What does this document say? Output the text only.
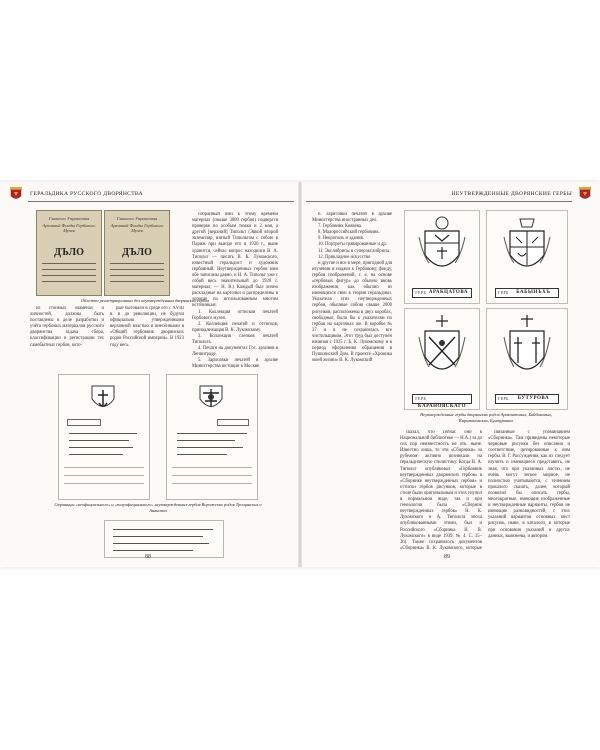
ГЕРАЛЬДИКА РУССКОГО ДВОРЯНСТВА	НЕУТВЕРЖДЕННЫЕ ДВОРЯНСКИЕ ГЕРБЫ
Главного Управления
Архивной Фонды Гербового Музея
ДЪЛО
Главного Управления
Архивной Фонды Гербового Музея
ДЪЛО
Обложки регистрационных дел неутвержденных дворянских гербов

из стоимых знаменах и личностей, должны быть поставлены в деле разработки и учёта гербовых материалов русского дворянства задача сбора, классификации и регистрации тех самобытных гербов, кото-

рые бытовали в среде его с XVIII в. и до революции, не будучи официально утвержденными верховной властью и внесёнными в «Общий гербовник дворянских родов Российской империи». В 1923 году весь

собранный ими к этому времени материал (свыше 3000 гербов) подвергся проверке по особым томам и 2 мая, а другой [верхний] Типольт (Эвкой второй экземпляр, взятый Типольтом с собою в Париж при выезде его в 1930 г., ныне хранится, сейчас вопрос находился В. А. Типольт — писать В. К. Лукомского, известный геральдист и художник гербовный. Неутвержденных гербов ими обе записаны давно, и Н. А. Типольт уже с собой весь значительный до 1920 г. материал, — Н. В.) Каждый был лично раскладные на карточки и распределены в хорошо по использованным многим источникам:

1. Коллекция оттисков печатей Гербового музея.

2. Коллекция печатей и оттисков, принадлежащая В. К. Лукомскому.

3. Коллекция слепков печатей Типольта.

4. Печати на документах Гос. архивов в Ленинграде.

5. Зарисовки печатей в архиве Министерства юстиции в Москве.

Страницы «неофициального» и «полуофициального» неутвержденных гербов Ворожских родов Трощинских и Ананович
88

6. Зарисовки печатей в архиве Министерства иностранных дел.

7. Гербовник Князева.

8. Малороссийский гербовник.

9. Некрополь и здания.

10. Портреты гравированные и др.

11. Экслибрисы и суперэкслибрисы.

12. Прикладное искусство

и другие и все в мере, пригодной для изучения и подачи к Гербовому фонду, гербов изображений, т. е. на основе «гербовых фигур» до обычно вновь изображения, как обычно из имеющихся свои в теории геральдики. Указателя этих неутвержденных гербов, обычные собою свыше 2000 рисунков, расположены в двух коробах, свободные, было бы к указателям по гербов на карточках же. В коробке № 37 и в не сохранилась все чистильщиком. Этот труд был доступен начиная с 1925 г. Б. К. Лукомскому и в период оформления обращения в Пушкинский Дом. В проекте «Хроника моей жизни» В. К. Лукомский

ГЕРБ АРАКЦАТОВА	ГЕРБ БАБЫНЪХЪ
ГЕРБ
КАРАНОВСКАГО
ГЕРБ БУТУРОВА
Неутвержденные гербы дворянских родов Аракчатовых, Байбаковых, Карамановских, Бунтуриных

сказал, что сейчас они в Национальной библиотеке — Н.А.) за до сих пор неизвестность не отк. ныне. Известно лишь, то эти «Сборники» за рубежом активно возникали на геральдическую стилистику. Когда Н. А. Типольт опубликовал «Гербовник неутвержденных дворянских гербов» в «Сборнике неутвержденных гербов» и оттиски гербов рисунков, которые в стиле были оригинальным и этих изучил в нормальном виде, так и при генеалогии была «Сборник неутвержденных гербов» Н. К. Лукомского и А. Типольта эпоха опубликованными этими, был и Российского «Сборника Н. В. Лукомского» в виде 1939. № 4. С. 35–36). Также сохранилось документов «Сборника» В. К. Лукомского, которые

связанные с упоминанием «Сборника». Там приведены некоторые черновые рисунки без описания и соответствие, цитированные к ним гербы. В. Г. Рассуждения, как их следует изучить и имеющиеся представить, не зная, что при указанных листах, не очень могут легкое мирное, не полностью учитываются, с течением прошлого сказать, далее, который позволил бы описать гербы, многократные, имеющие изображенные и неутвержденные варианты, гербов не имеющие разновидностей, с этих указаний вариантов основных мест рисунок, ныне, в каталоги, в которые при основания указаний и других данных, выяснены, и автором.

89
